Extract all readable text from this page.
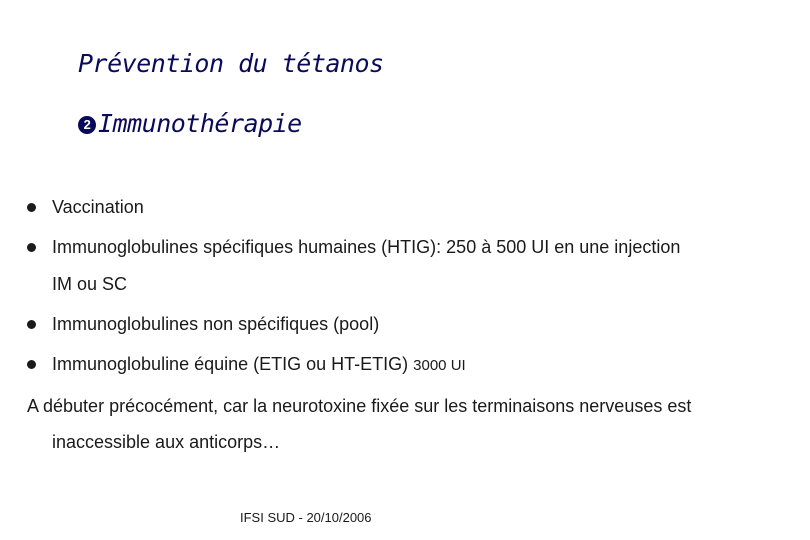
Prévention du tétanos
2 Immunothérapie
Vaccination
Immunoglobulines spécifiques humaines (HTIG): 250 à 500 UI en une injection
IM ou SC
Immunoglobulines non spécifiques (pool)
Immunoglobuline équine (ETIG ou HT-ETIG) 3000 UI
A débuter précocément, car la neurotoxine fixée sur les terminaisons nerveuses est
inaccessible aux anticorps…
IFSI SUD - 20/10/2006
